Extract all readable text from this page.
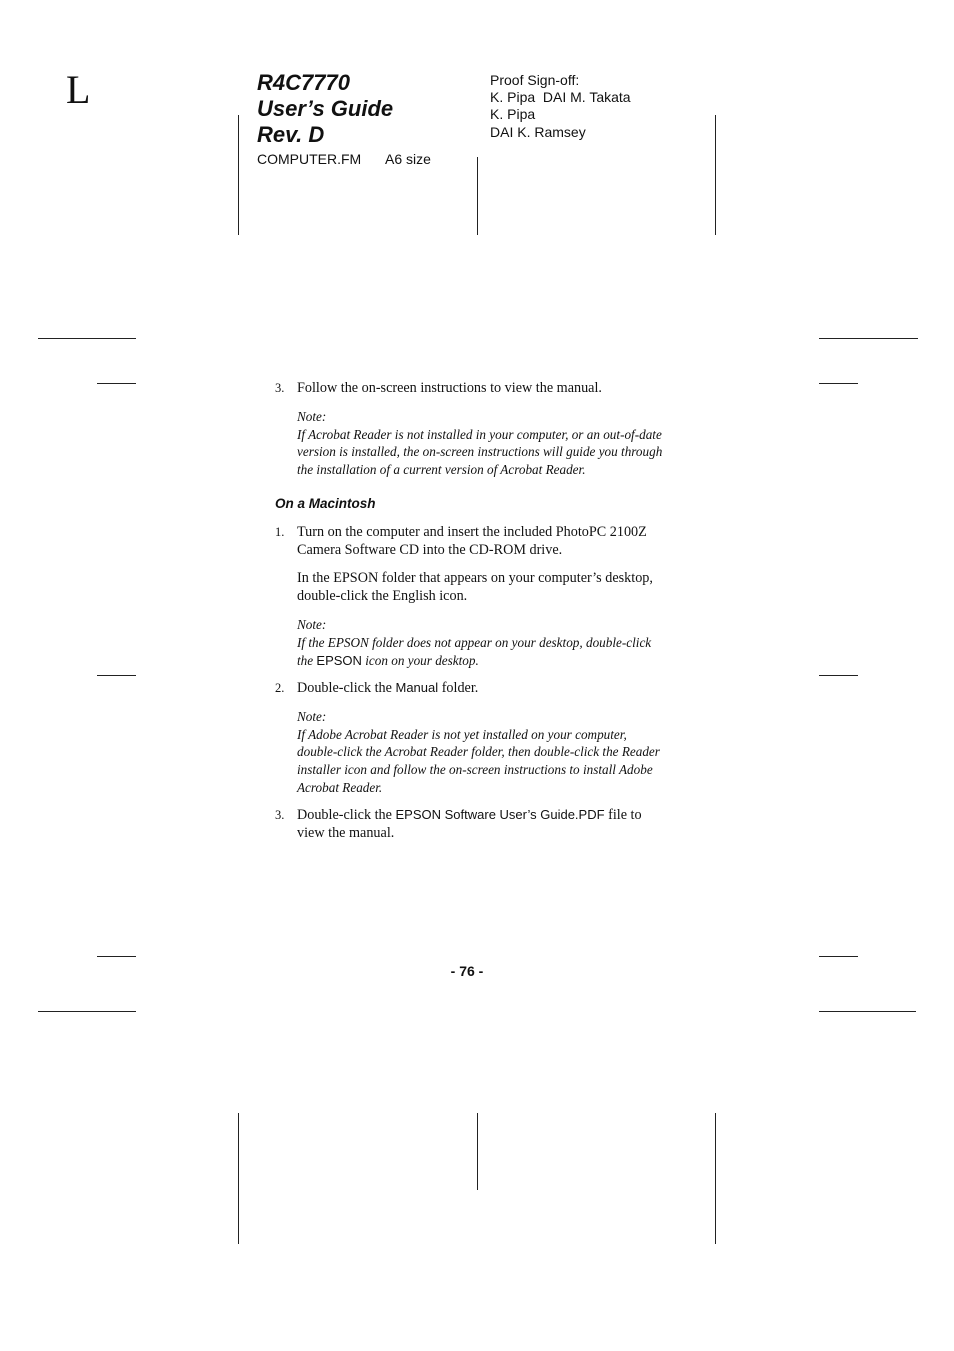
L	R4C7770
User’s Guide
Rev. D
COMPUTER.FM A6 size
Proof Sign-off:
K. Pipa  DAI M. Takata
K. Pipa
DAI K. Ramsey
3. Follow the on-screen instructions to view the manual.
Note:
If Acrobat Reader is not installed in your computer, or an out-of-date version is installed, the on-screen instructions will guide you through the installation of a current version of Acrobat Reader.
On a Macintosh
1. Turn on the computer and insert the included PhotoPC 2100Z Camera Software CD into the CD-ROM drive.
In the EPSON folder that appears on your computer’s desktop, double-click the English icon.
Note:
If the EPSON folder does not appear on your desktop, double-click the EPSON icon on your desktop.
2. Double-click the Manual folder.
Note:
If Adobe Acrobat Reader is not yet installed on your computer, double-click the Acrobat Reader folder, then double-click the Reader installer icon and follow the on-screen instructions to install Adobe Acrobat Reader.
3. Double-click the EPSON Software User’s Guide.PDF file to view the manual.
- 76 -
